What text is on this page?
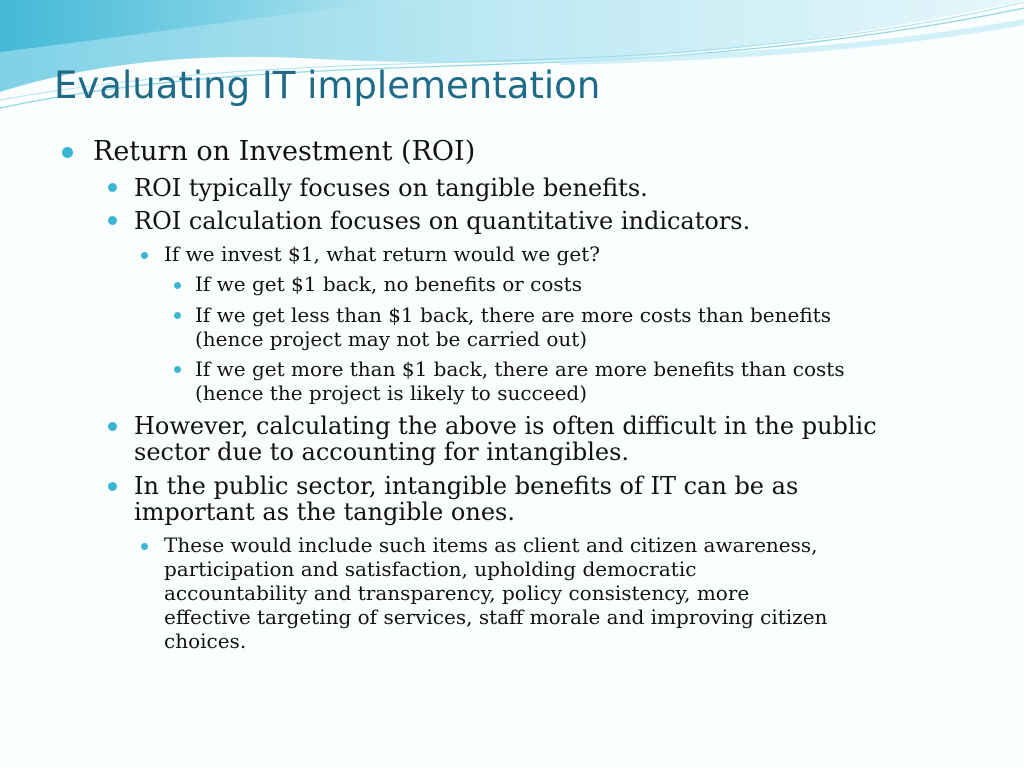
Evaluating IT implementation
Return on Investment (ROI)
ROI typically focuses on tangible benefits.
ROI calculation focuses on quantitative indicators.
If we invest $1, what return would we get?
If we get $1 back, no benefits or costs
If we get less than $1 back, there are more costs than benefits
(hence project may not be carried out)
If we get more than $1 back, there are more benefits than costs
(hence the project is likely to succeed)
However, calculating the above is often difficult in the public
sector due to accounting for intangibles.
In the public sector, intangible benefits of IT can be as
important as the tangible ones.
These would include such items as client and citizen awareness,
participation and satisfaction, upholding democratic
accountability and transparency, policy consistency, more
effective targeting of services, staff morale and improving citizen
choices.
